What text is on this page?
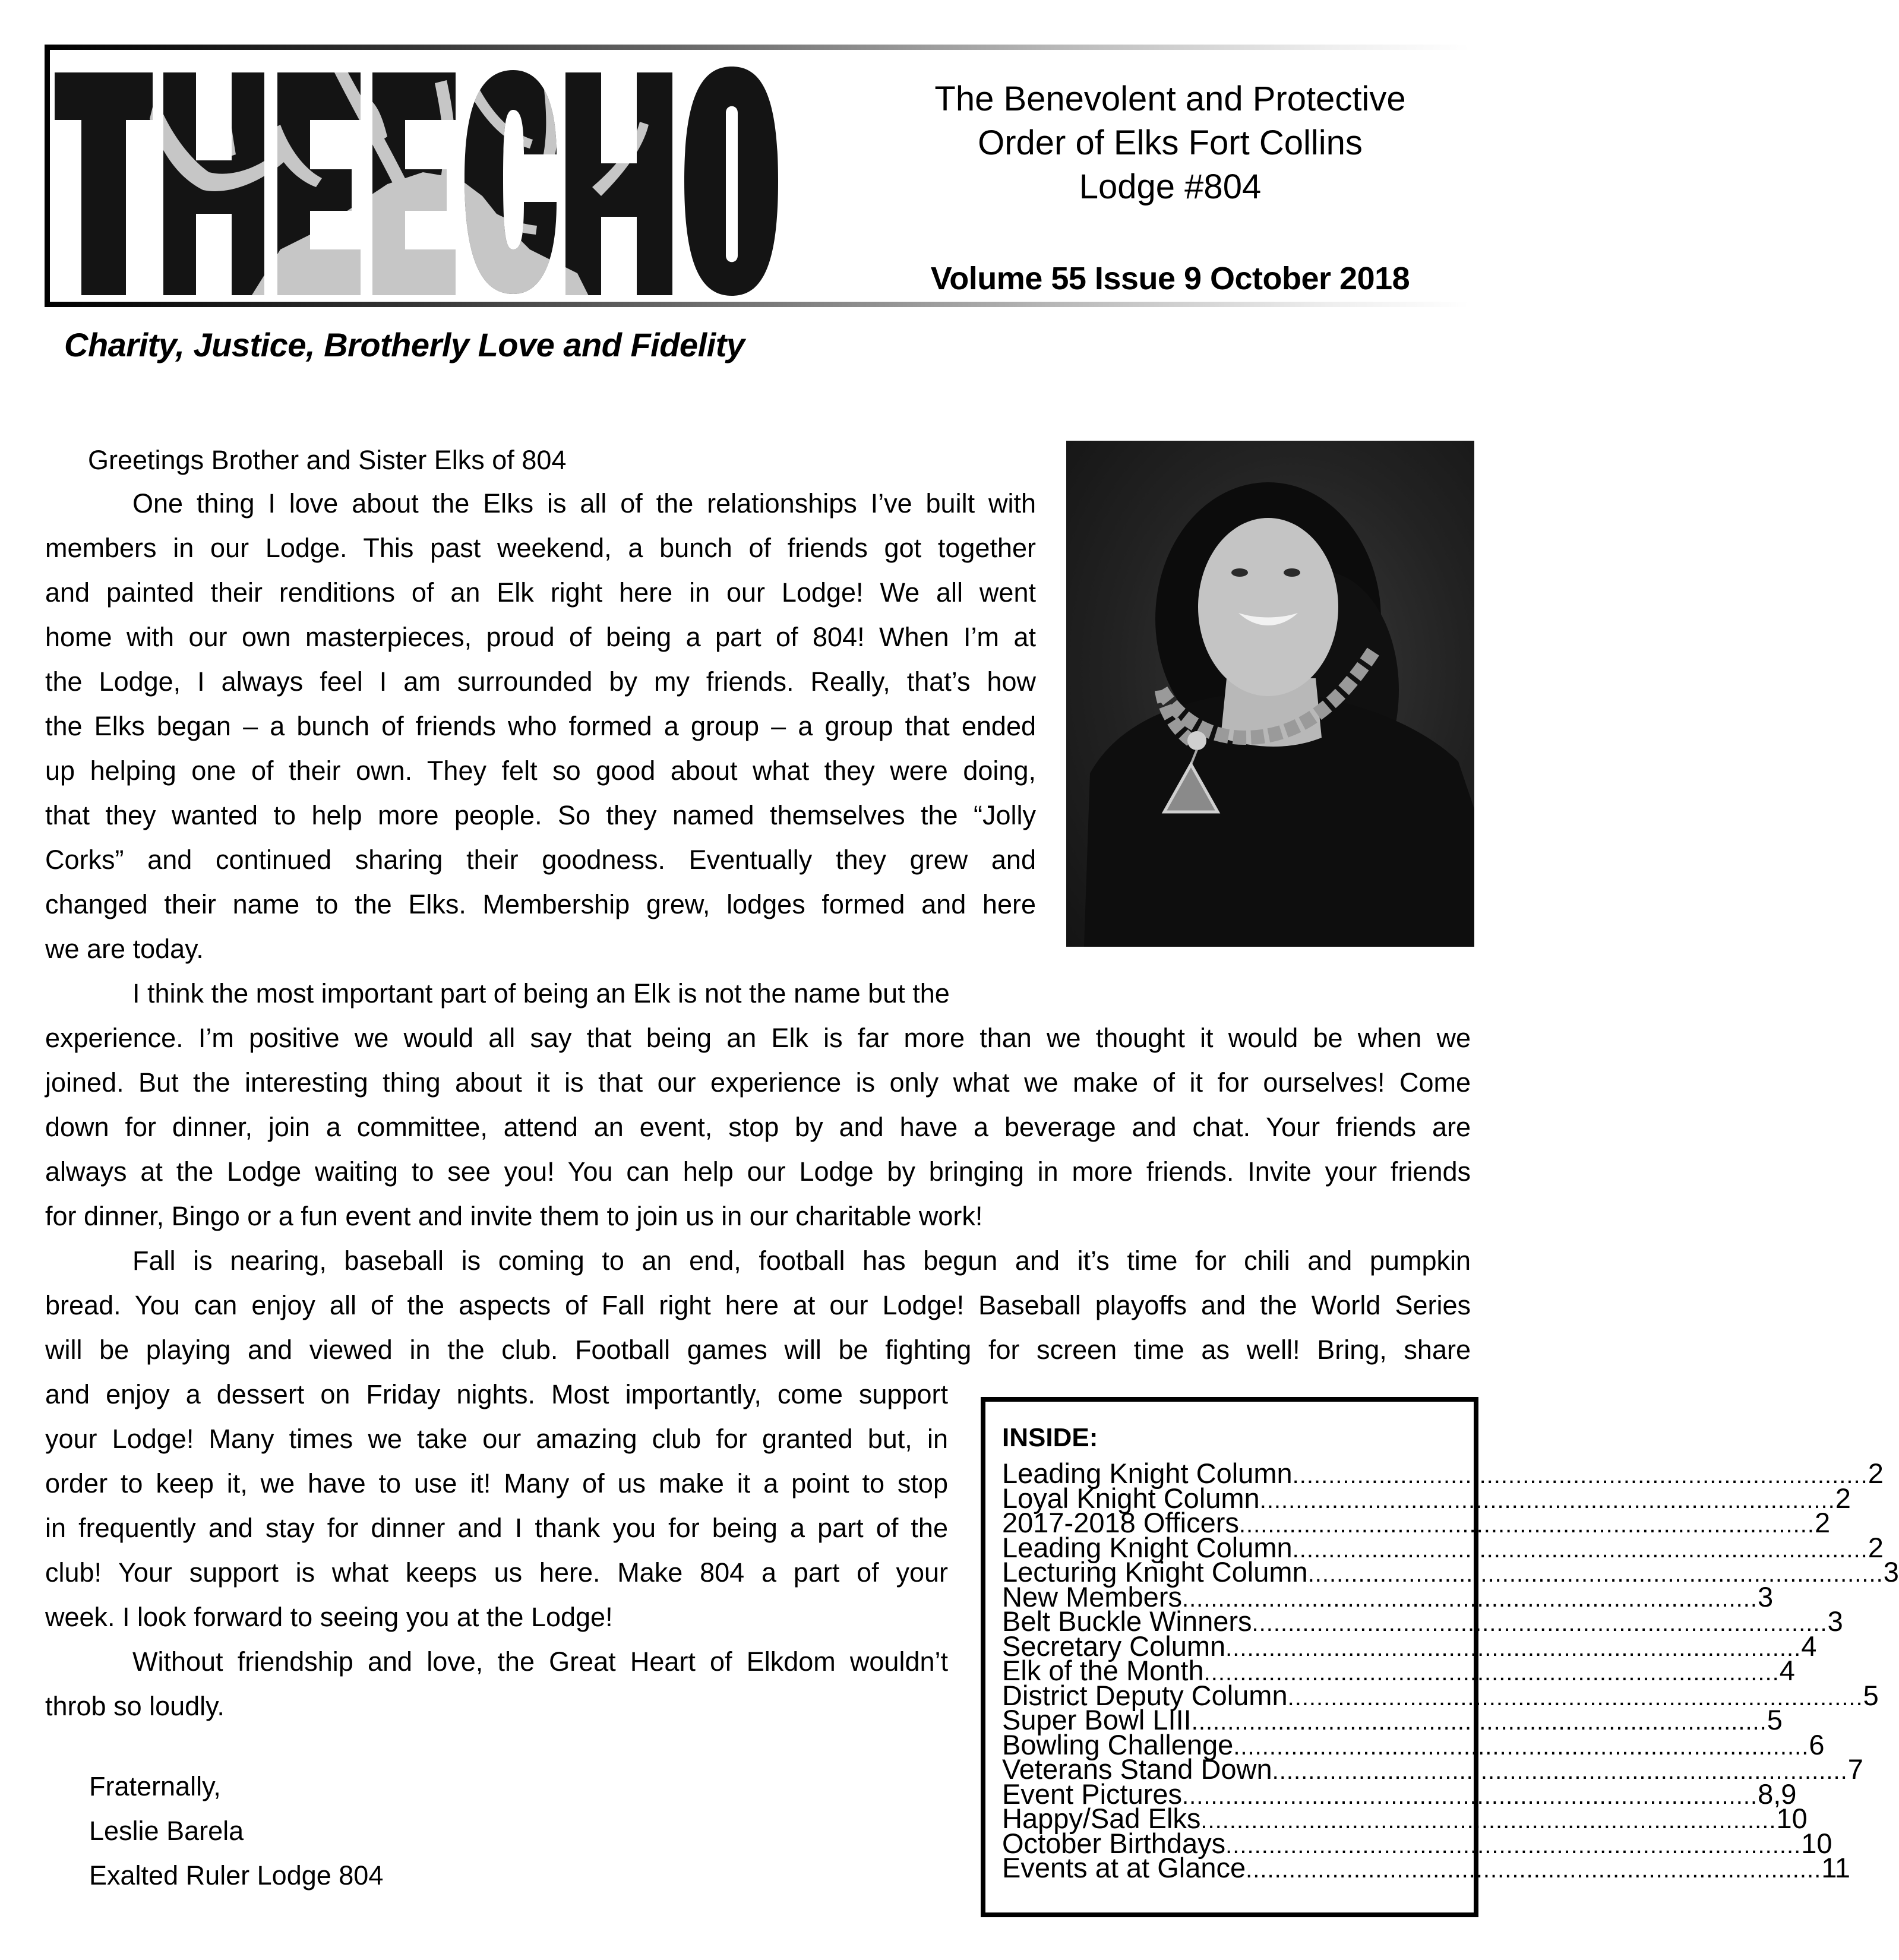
The Benevolent and Protective
Order of Elks Fort Collins
Lodge #804
Volume 55 Issue 9 October 2018
Charity, Justice, Brotherly Love and Fidelity
Greetings Brother and Sister Elks of 804
One thing I love about the Elks is all of the relationships I’ve built with
members in our Lodge. This past weekend, a bunch of friends got together
and painted their renditions of an Elk right here in our Lodge! We all went
home with our own masterpieces, proud of being a part of 804! When I’m at
the Lodge, I always feel I am surrounded by my friends. Really, that’s how
the Elks began – a bunch of friends who formed a group – a group that ended
up helping one of their own. They felt so good about what they were doing,
that they wanted to help more people. So they named themselves the “Jolly
Corks” and continued sharing their goodness. Eventually they grew and
changed their name to the Elks. Membership grew, lodges formed and here
we are today.
I think the most important part of being an Elk is not the name but the
experience. I’m positive we would all say that being an Elk is far more than we thought it would be when we
joined. But the interesting thing about it is that our experience is only what we make of it for ourselves! Come
down for dinner, join a committee, attend an event, stop by and have a beverage and chat. Your friends are
always at the Lodge waiting to see you! You can help our Lodge by bringing in more friends. Invite your friends
for dinner, Bingo or a fun event and invite them to join us in our charitable work!
Fall is nearing, baseball is coming to an end, football has begun and it’s time for chili and pumpkin
bread. You can enjoy all of the aspects of Fall right here at our Lodge! Baseball playoffs and the World Series
will be playing and viewed in the club. Football games will be fighting for screen time as well! Bring, share
and enjoy a dessert on Friday nights. Most importantly, come support
your Lodge! Many times we take our amazing club for granted but, in
order to keep it, we have to use it! Many of us make it a point to stop
in frequently and stay for dinner and I thank you for being a part of the
club! Your support is what keeps us here. Make 804 a part of your
week. I look forward to seeing you at the Lodge!
Without friendship and love, the Great Heart of Elkdom wouldn’t
throb so loudly.
Fraternally,
Leslie Barela
Exalted Ruler Lodge 804
INSIDE:
Leading Knight Column ................................................................................ 2
Loyal Knight Column ................................................................................ 2
2017-2018 Officers ................................................................................ 2
Leading Knight Column ................................................................................ 2
Lecturing Knight Column ................................................................................ 3
New Members ................................................................................ 3
Belt Buckle Winners ................................................................................ 3
Secretary Column ................................................................................ 4
Elk of the Month ................................................................................ 4
District Deputy Column ................................................................................ 5
Super Bowl LIII ................................................................................ 5
Bowling Challenge ................................................................................ 6
Veterans Stand Down ................................................................................ 7
Event Pictures ................................................................................ 8,9
Happy/Sad Elks ................................................................................ 10
October Birthdays ................................................................................ 10
Events at at Glance ................................................................................ 11
